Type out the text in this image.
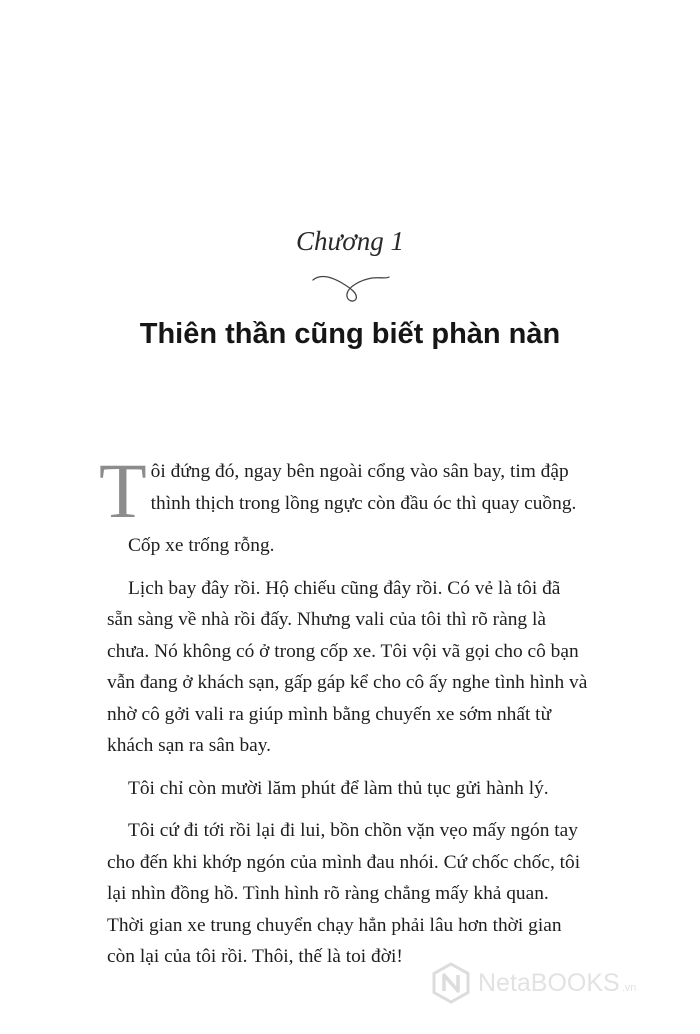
Chương 1
Thiên thần cũng biết phàn nàn

Tôi đứng đó, ngay bên ngoài cổng vào sân bay, tim đập thình thịch trong lồng ngực còn đầu óc thì quay cuồng.

Cốp xe trống rỗng.

Lịch bay đây rồi. Hộ chiếu cũng đây rồi. Có vẻ là tôi đã sẵn sàng về nhà rồi đấy. Nhưng vali của tôi thì rõ ràng là chưa. Nó không có ở trong cốp xe. Tôi vội vã gọi cho cô bạn vẫn đang ở khách sạn, gấp gáp kể cho cô ấy nghe tình hình và nhờ cô gởi vali ra giúp mình bằng chuyến xe sớm nhất từ khách sạn ra sân bay.

Tôi chỉ còn mười lăm phút để làm thủ tục gửi hành lý.

Tôi cứ đi tới rồi lại đi lui, bồn chồn vặn vẹo mấy ngón tay cho đến khi khớp ngón của mình đau nhói. Cứ chốc chốc, tôi lại nhìn đồng hồ. Tình hình rõ ràng chẳng mấy khả quan. Thời gian xe trung chuyển chạy hẳn phải lâu hơn thời gian còn lại của tôi rồi. Thôi, thế là toi đời!

NetaBOOKS .vn
